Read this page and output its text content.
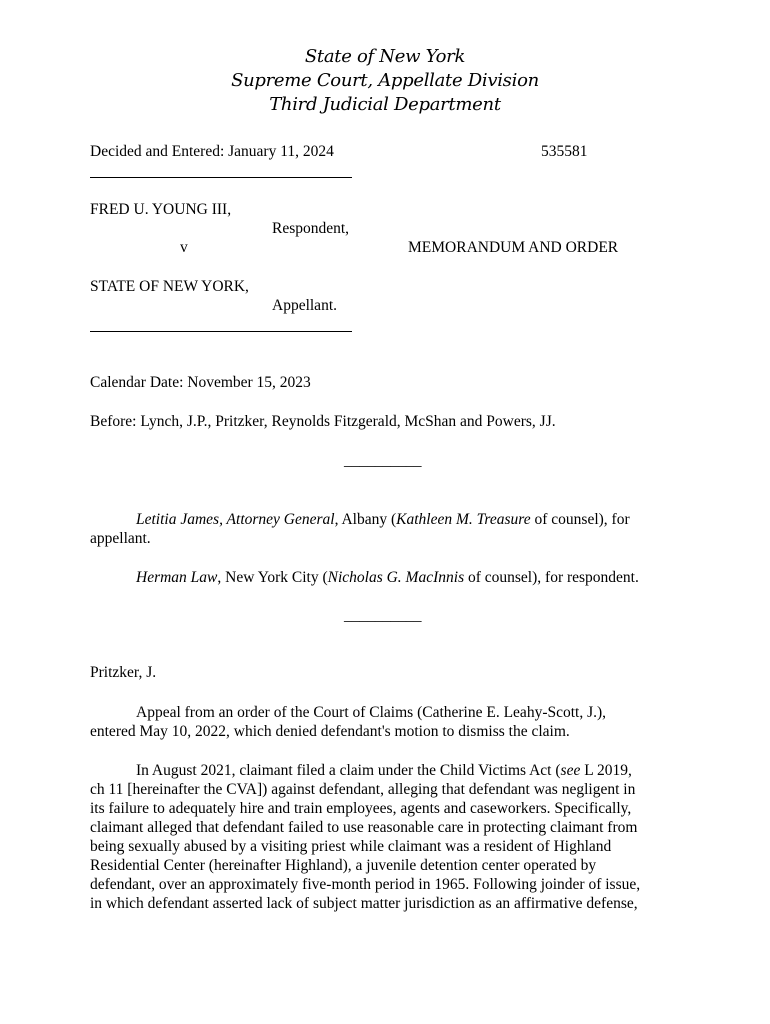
State of New York
Supreme Court, Appellate Division
Third Judicial Department
Decided and Entered: January 11, 2024	535581
FRED U. YOUNG III,
Respondent,
v	MEMORANDUM AND ORDER
STATE OF NEW YORK,
Appellant.
Calendar Date: November 15, 2023
Before: Lynch, J.P., Pritzker, Reynolds Fitzgerald, McShan and Powers, JJ.
__________
Letitia James, Attorney General, Albany (Kathleen M. Treasure of counsel), for
appellant.
Herman Law, New York City (Nicholas G. MacInnis of counsel), for respondent.
__________
Pritzker, J.
Appeal from an order of the Court of Claims (Catherine E. Leahy-Scott, J.),
entered May 10, 2022, which denied defendant's motion to dismiss the claim.
In August 2021, claimant filed a claim under the Child Victims Act (see L 2019,
ch 11 [hereinafter the CVA]) against defendant, alleging that defendant was negligent in
its failure to adequately hire and train employees, agents and caseworkers. Specifically,
claimant alleged that defendant failed to use reasonable care in protecting claimant from
being sexually abused by a visiting priest while claimant was a resident of Highland
Residential Center (hereinafter Highland), a juvenile detention center operated by
defendant, over an approximately five-month period in 1965. Following joinder of issue,
in which defendant asserted lack of subject matter jurisdiction as an affirmative defense,
